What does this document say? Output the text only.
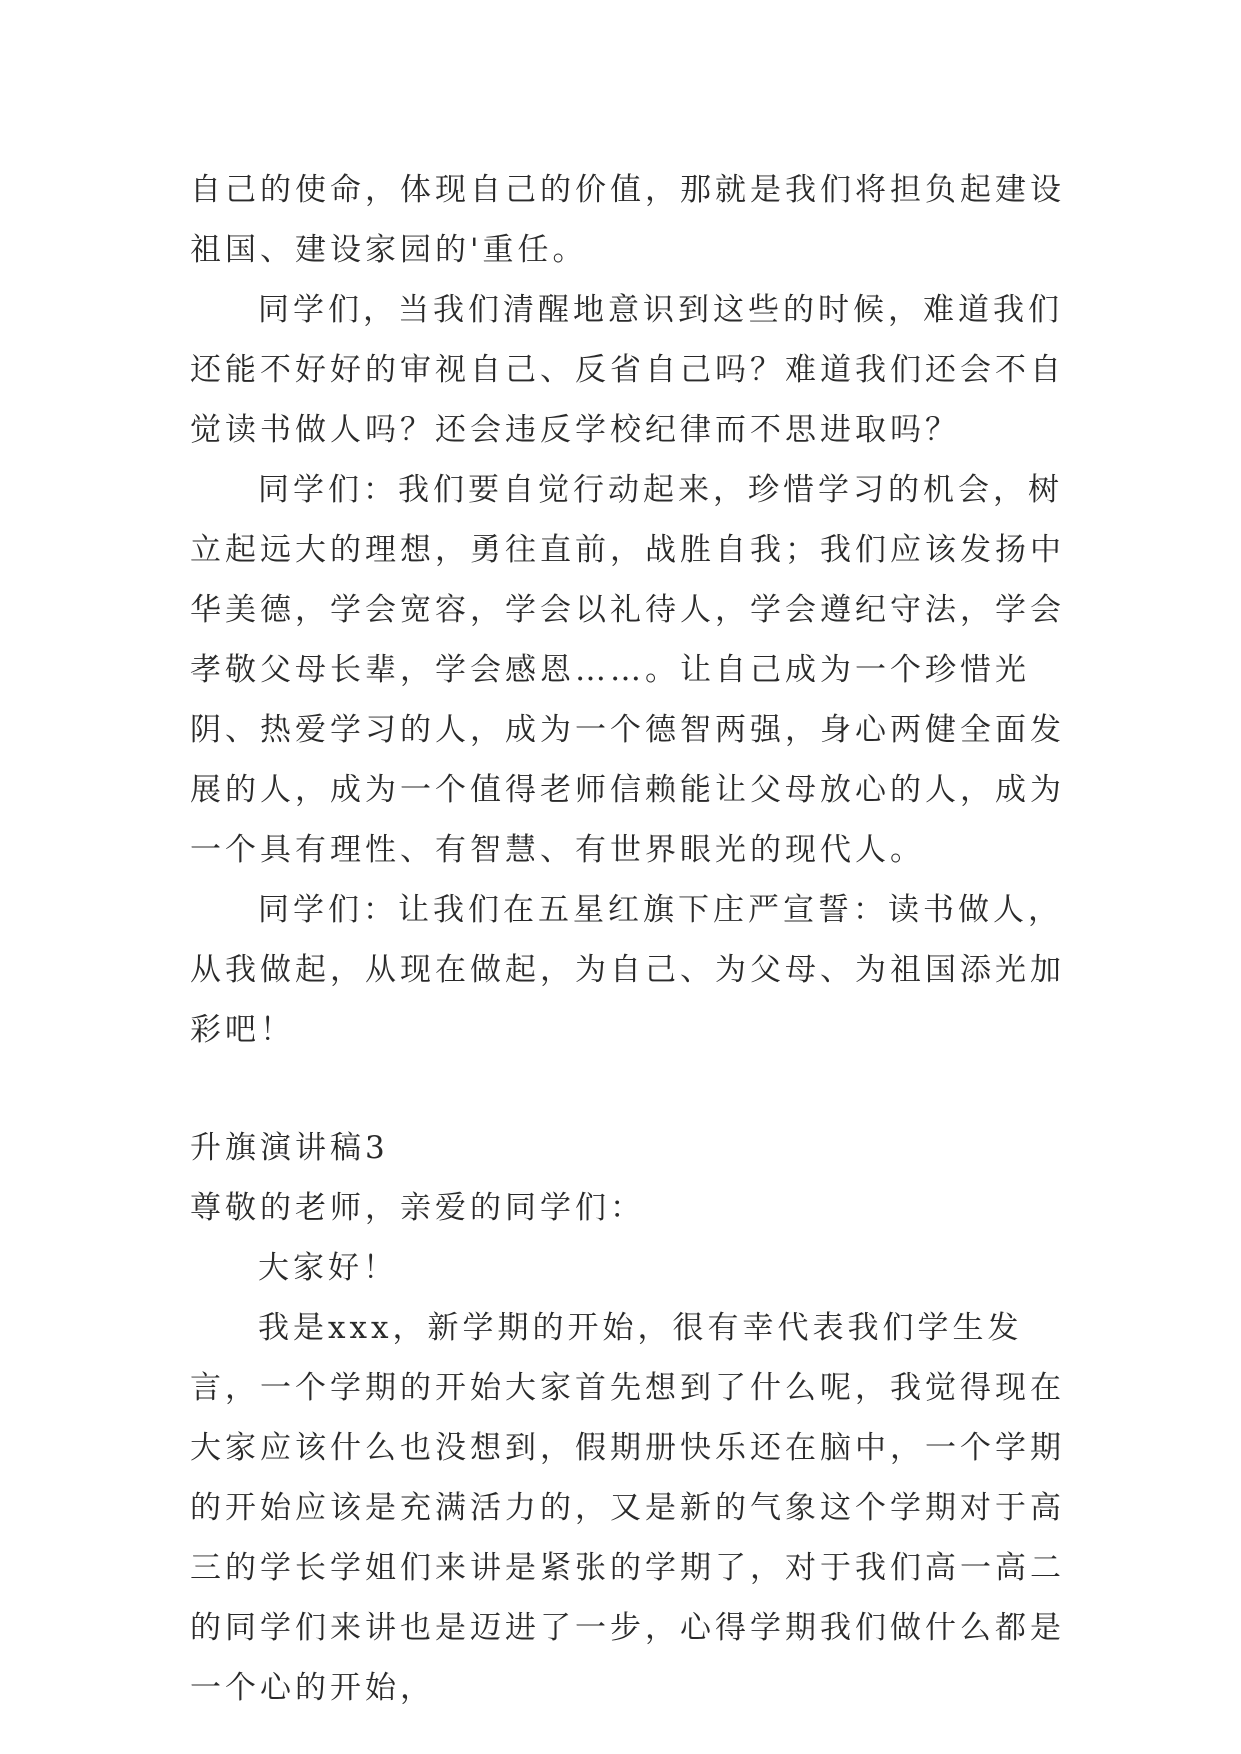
自己的使命，体现自己的价值，那就是我们将担负起建设祖国、建设家园的'重任。

同学们，当我们清醒地意识到这些的时候，难道我们还能不好好的审视自己、反省自己吗？难道我们还会不自觉读书做人吗？还会违反学校纪律而不思进取吗？

同学们：我们要自觉行动起来，珍惜学习的机会，树立起远大的理想，勇往直前，战胜自我；我们应该发扬中华美德，学会宽容，学会以礼待人，学会遵纪守法，学会孝敬父母长辈，学会感恩……。让自己成为一个珍惜光阴、热爱学习的人，成为一个德智两强，身心两健全面发展的人，成为一个值得老师信赖能让父母放心的人，成为一个具有理性、有智慧、有世界眼光的现代人。

同学们：让我们在五星红旗下庄严宣誓：读书做人，从我做起，从现在做起，为自己、为父母、为祖国添光加彩吧！

升旗演讲稿3

尊敬的老师，亲爱的同学们：

大家好！

我是xxx，新学期的开始，很有幸代表我们学生发言，一个学期的开始大家首先想到了什么呢，我觉得现在大家应该什么也没想到，假期册快乐还在脑中，一个学期的开始应该是充满活力的，又是新的气象这个学期对于高三的学长学姐们来讲是紧张的学期了，对于我们高一高二的同学们来讲也是迈进了一步，心得学期我们做什么都是一个心的开始，
